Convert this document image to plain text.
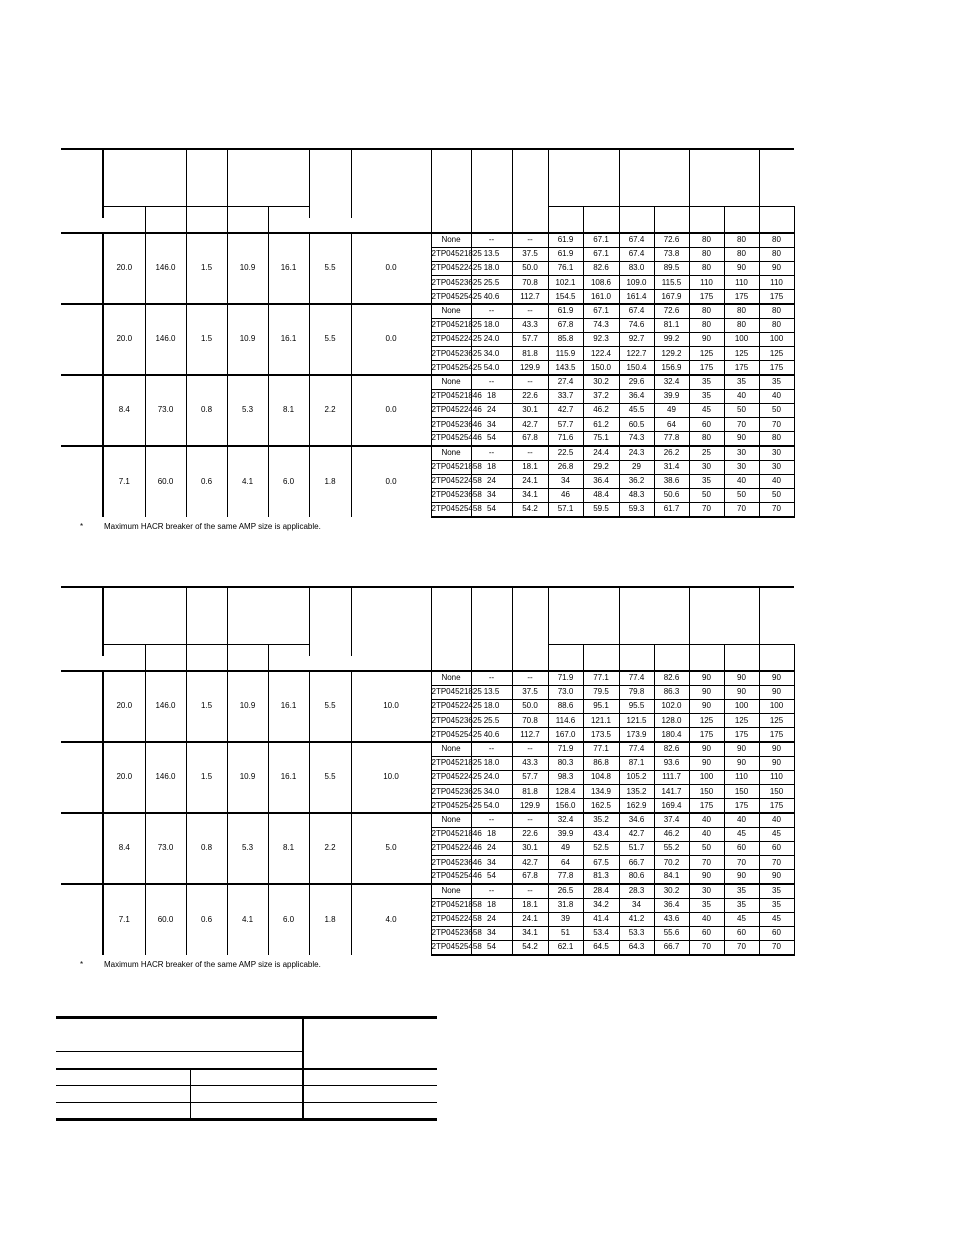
	20.0	146.0	1.5	10.9	16.1	5.5	0.0	None	--	--	61.9	67.1	67.4	72.6	80	80	80	
								2TP04521825	13.5	37.5	61.9	67.1	67.4	73.8	80	80	80	
								2TP04522425	18.0	50.0	76.1	82.6	83.0	89.5	80	90	90	
								2TP04523625	25.5	70.8	102.1	108.6	109.0	115.5	110	110	110	
								2TP04525425	40.6	112.7	154.5	161.0	161.4	167.9	175	175	175	
	20.0	146.0	1.5	10.9	16.1	5.5	0.0	None	--	--	61.9	67.1	67.4	72.6	80	80	80	
								2TP04521825	18.0	43.3	67.8	74.3	74.6	81.1	80	80	80	
								2TP04522425	24.0	57.7	85.8	92.3	92.7	99.2	90	100	100	
								2TP04523625	34.0	81.8	115.9	122.4	122.7	129.2	125	125	125	
								2TP04525425	54.0	129.9	143.5	150.0	150.4	156.9	175	175	175	
	8.4	73.0	0.8	5.3	8.1	2.2	0.0	None	--	--	27.4	30.2	29.6	32.4	35	35	35	
								2TP04521846	18	22.6	33.7	37.2	36.4	39.9	35	40	40	
								2TP04522446	24	30.1	42.7	46.2	45.5	49	45	50	50	
								2TP04523646	34	42.7	57.7	61.2	60.5	64	60	70	70	
								2TP04525446	54	67.8	71.6	75.1	74.3	77.8	80	90	80	
	7.1	60.0	0.6	4.1	6.0	1.8	0.0	None	--	--	22.5	24.4	24.3	26.2	25	30	30	
								2TP04521858	18	18.1	26.8	29.2	29	31.4	30	30	30	
								2TP04522458	24	24.1	34	36.4	36.2	38.6	35	40	40	
								2TP04523658	34	34.1	46	48.4	48.3	50.6	50	50	50	
								2TP04525458	54	54.2	57.1	59.5	59.3	61.7	70	70	70	
*	Maximum HACR breaker of the same AMP size is applicable.

	20.0	146.0	1.5	10.9	16.1	5.5	10.0	None	--	--	71.9	77.1	77.4	82.6	90	90	90	
								2TP04521825	13.5	37.5	73.0	79.5	79.8	86.3	90	90	90	
								2TP04522425	18.0	50.0	88.6	95.1	95.5	102.0	90	100	100	
								2TP04523625	25.5	70.8	114.6	121.1	121.5	128.0	125	125	125	
								2TP04525425	40.6	112.7	167.0	173.5	173.9	180.4	175	175	175	
	20.0	146.0	1.5	10.9	16.1	5.5	10.0	None	--	--	71.9	77.1	77.4	82.6	90	90	90	
								2TP04521825	18.0	43.3	80.3	86.8	87.1	93.6	90	90	90	
								2TP04522425	24.0	57.7	98.3	104.8	105.2	111.7	100	110	110	
								2TP04523625	34.0	81.8	128.4	134.9	135.2	141.7	150	150	150	
								2TP04525425	54.0	129.9	156.0	162.5	162.9	169.4	175	175	175	
	8.4	73.0	0.8	5.3	8.1	2.2	5.0	None	--	--	32.4	35.2	34.6	37.4	40	40	40	
								2TP04521846	18	22.6	39.9	43.4	42.7	46.2	40	45	45	
								2TP04522446	24	30.1	49	52.5	51.7	55.2	50	60	60	
								2TP04523646	34	42.7	64	67.5	66.7	70.2	70	70	70	
								2TP04525446	54	67.8	77.8	81.3	80.6	84.1	90	90	90	
	7.1	60.0	0.6	4.1	6.0	1.8	4.0	None	--	--	26.5	28.4	28.3	30.2	30	35	35	
								2TP04521858	18	18.1	31.8	34.2	34	36.4	35	35	35	
								2TP04522458	24	24.1	39	41.4	41.2	43.6	40	45	45	
								2TP04523658	34	34.1	51	53.4	53.3	55.6	60	60	60	
								2TP04525458	54	54.2	62.1	64.5	64.3	66.7	70	70	70	
*	Maximum HACR breaker of the same AMP size is applicable.
